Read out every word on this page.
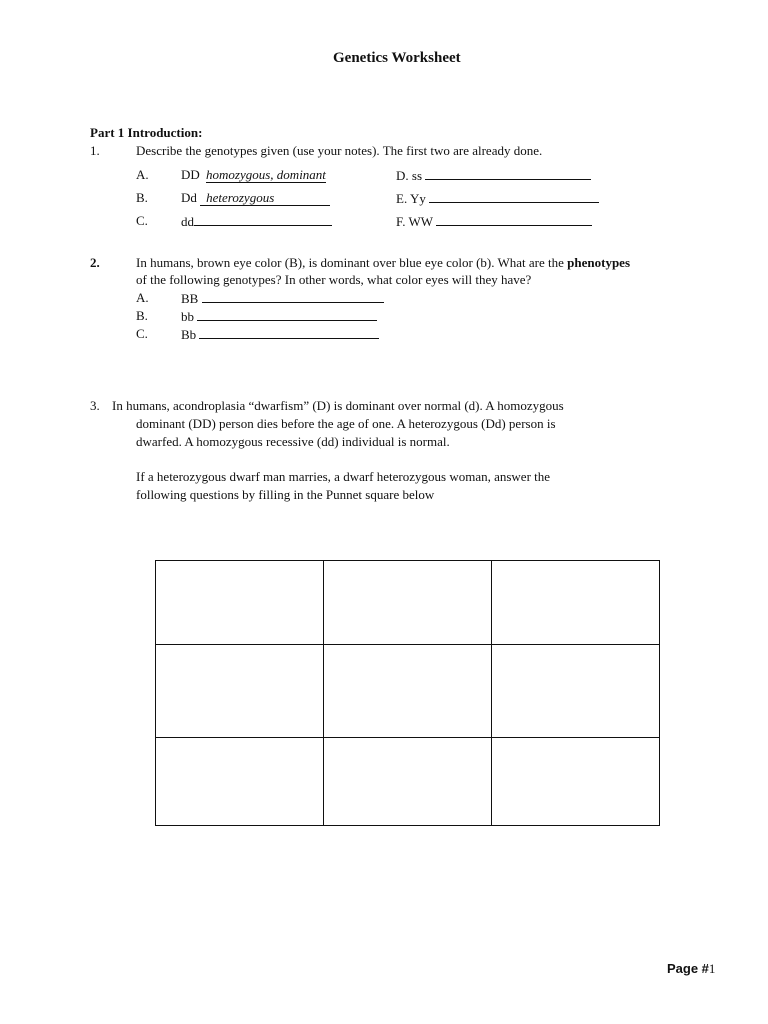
Genetics Worksheet
Part 1 Introduction:
1.	Describe the genotypes given (use your notes). The first two are already done.
A. DD homozygous, dominant
B.	Dd heterozygous
C.	dd
D. ss
E. Yy
F. WW
2.	In humans, brown eye color (B), is dominant over blue eye color (b). What are the phenotypes
of the following genotypes? In other words, what color eyes will they have?
A. BB
B.	bb
C.	Bb
3. In humans, acondroplasia “dwarfism” (D) is dominant over normal (d). A homozygous
dominant (DD) person dies before the age of one. A heterozygous (Dd) person is
dwarfed. A homozygous recessive (dd) individual is normal.
If a heterozygous dwarf man marries, a dwarf heterozygous woman, answer the
following questions by filling in the Punnet square below

Page #1
